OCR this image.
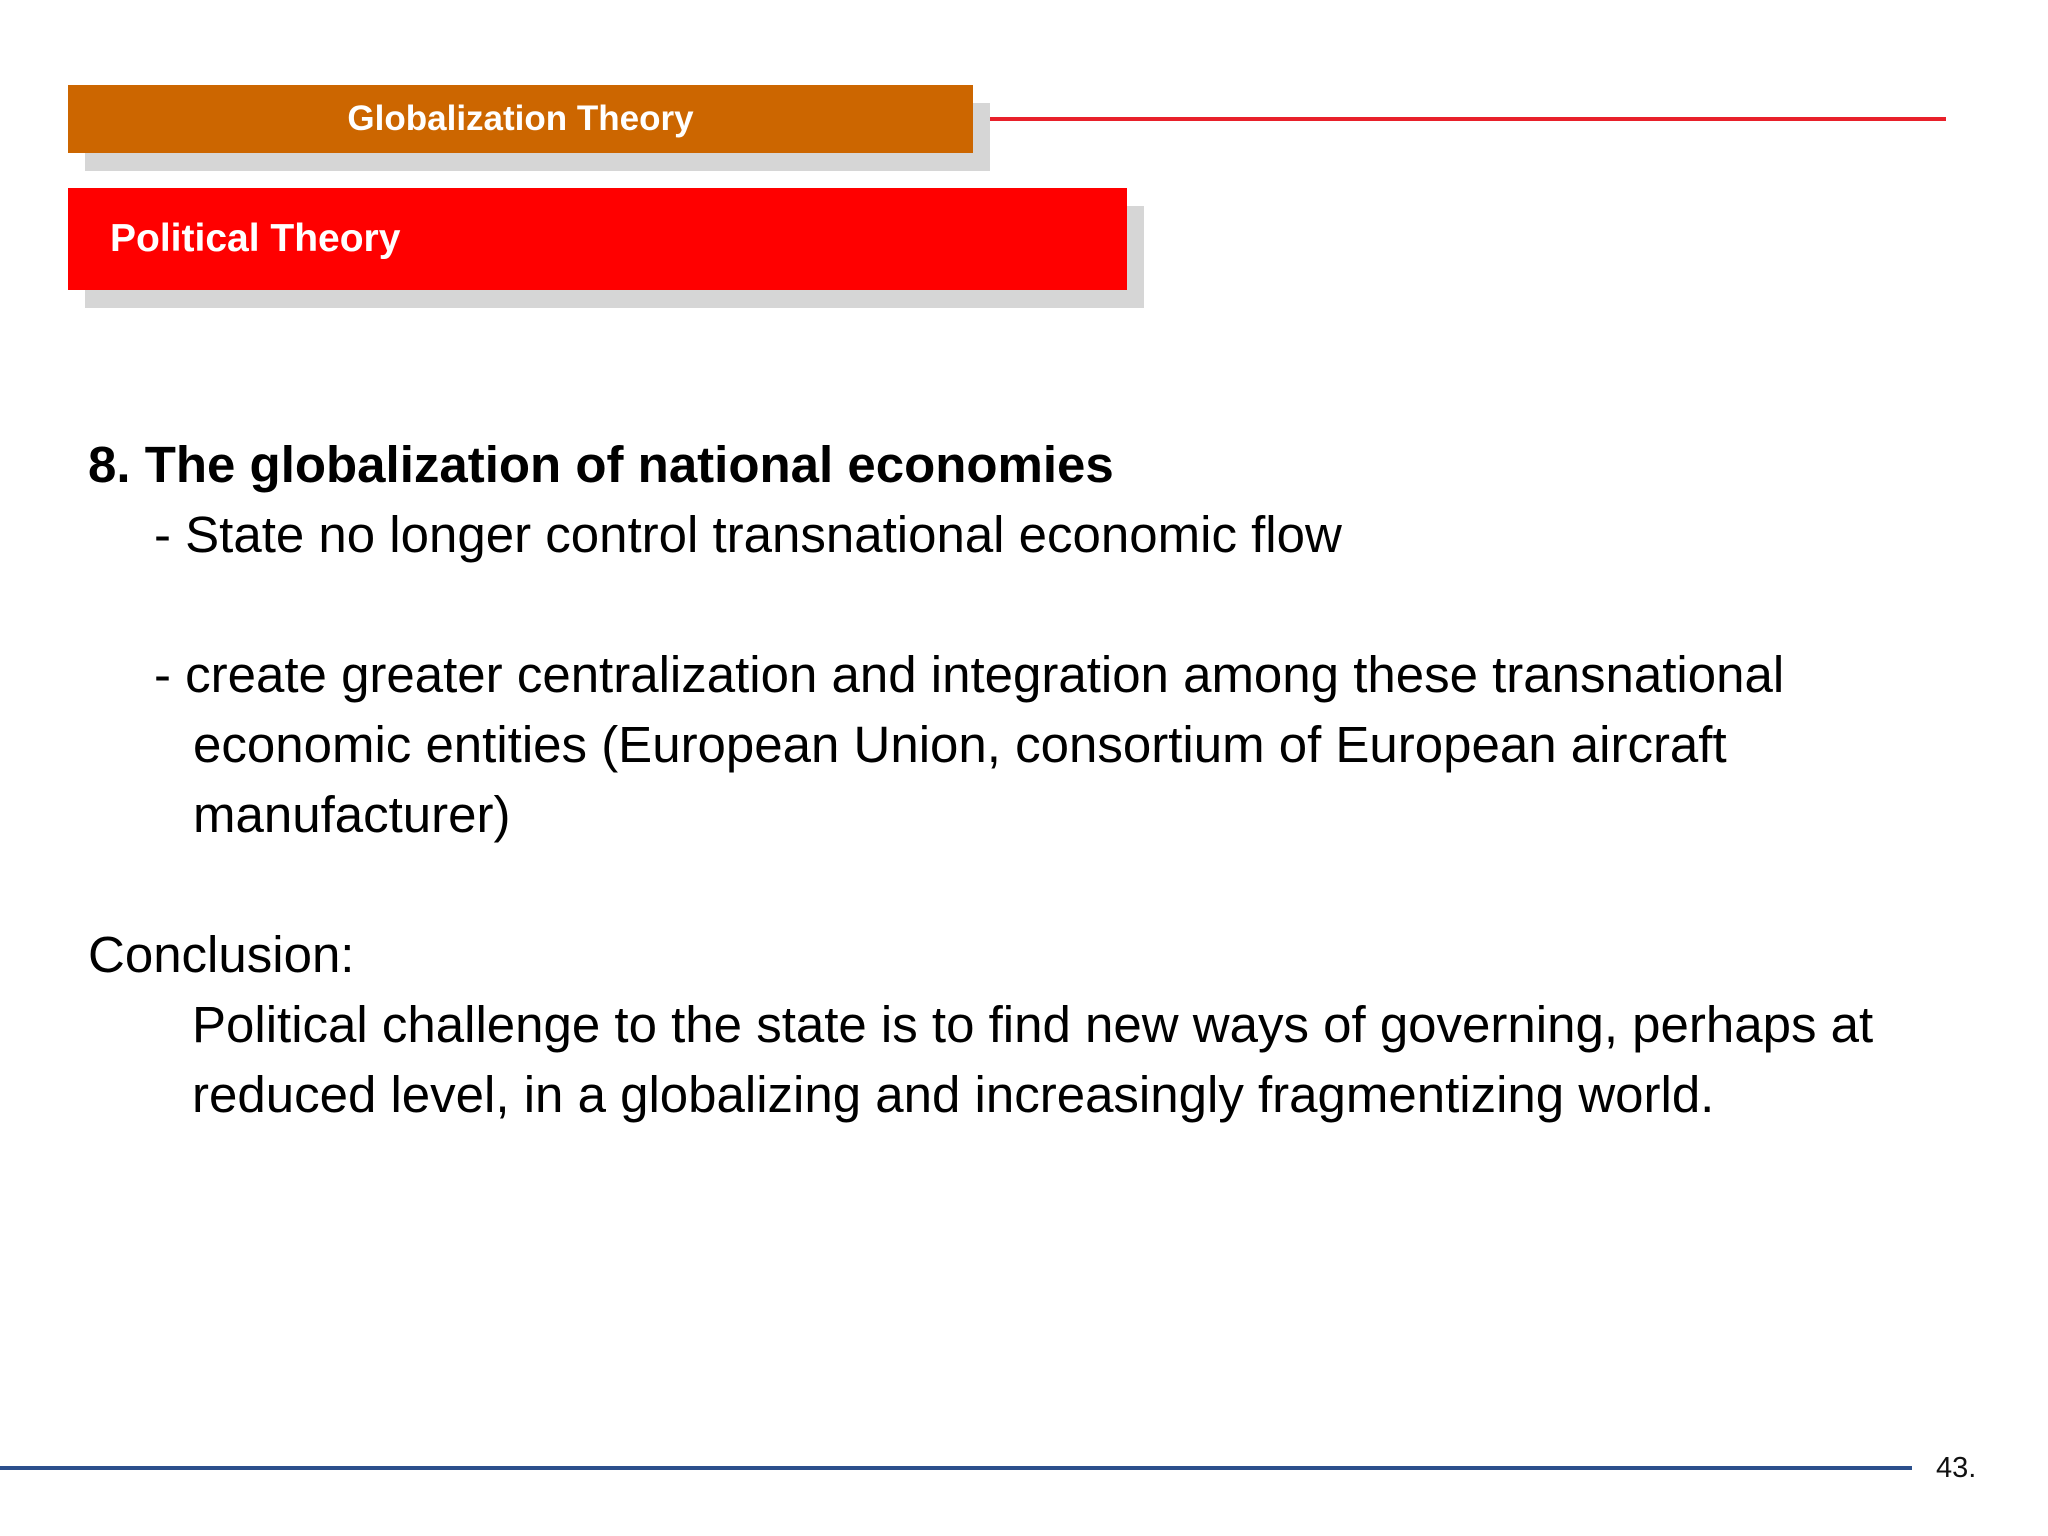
Globalization Theory
Political Theory

8. The globalization of national economies

- State no longer control transnational economic flow

- create greater centralization and integration among these transnational economic entities (European Union, consortium of European aircraft manufacturer)

Conclusion:

Political challenge to the state is to find new ways of governing, perhaps at reduced level, in a globalizing and increasingly fragmentizing world.

43.
